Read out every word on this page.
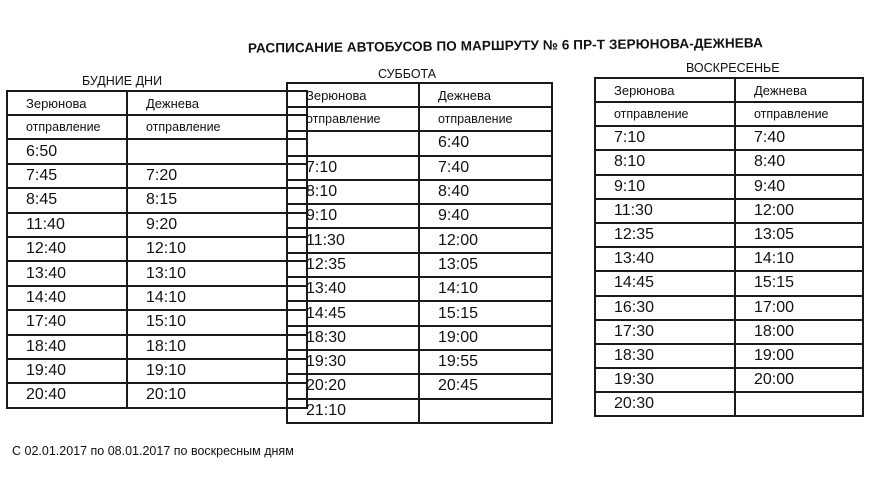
РАСПИСАНИЕ АВТОБУСОВ ПО МАРШРУТУ № 6 ПР-Т ЗЕРЮНОВА-ДЕЖНЕВА
БУДНИЕ ДНИ	СУББОТА	ВОСКРЕСЕНЬЕ
Зерюнова	Дежнева
отправление	отправление
6:50	
7:45	7:20
8:45	8:15
11:40	9:20
12:40	12:10
13:40	13:10
14:40	14:10
17:40	15:10
18:40	18:10
19:40	19:10
20:40	20:10
Зерюнова	Дежнева
отправление	отправление
	6:40
7:10	7:40
8:10	8:40
9:10	9:40
11:30	12:00
12:35	13:05
13:40	14:10
14:45	15:15
18:30	19:00
19:30	19:55
20:20	20:45
21:10	
Зерюнова	Дежнева
отправление	отправление
7:10	7:40
8:10	8:40
9:10	9:40
11:30	12:00
12:35	13:05
13:40	14:10
14:45	15:15
16:30	17:00
17:30	18:00
18:30	19:00
19:30	20:00
20:30	
С 02.01.2017 по 08.01.2017 по воскресным дням
